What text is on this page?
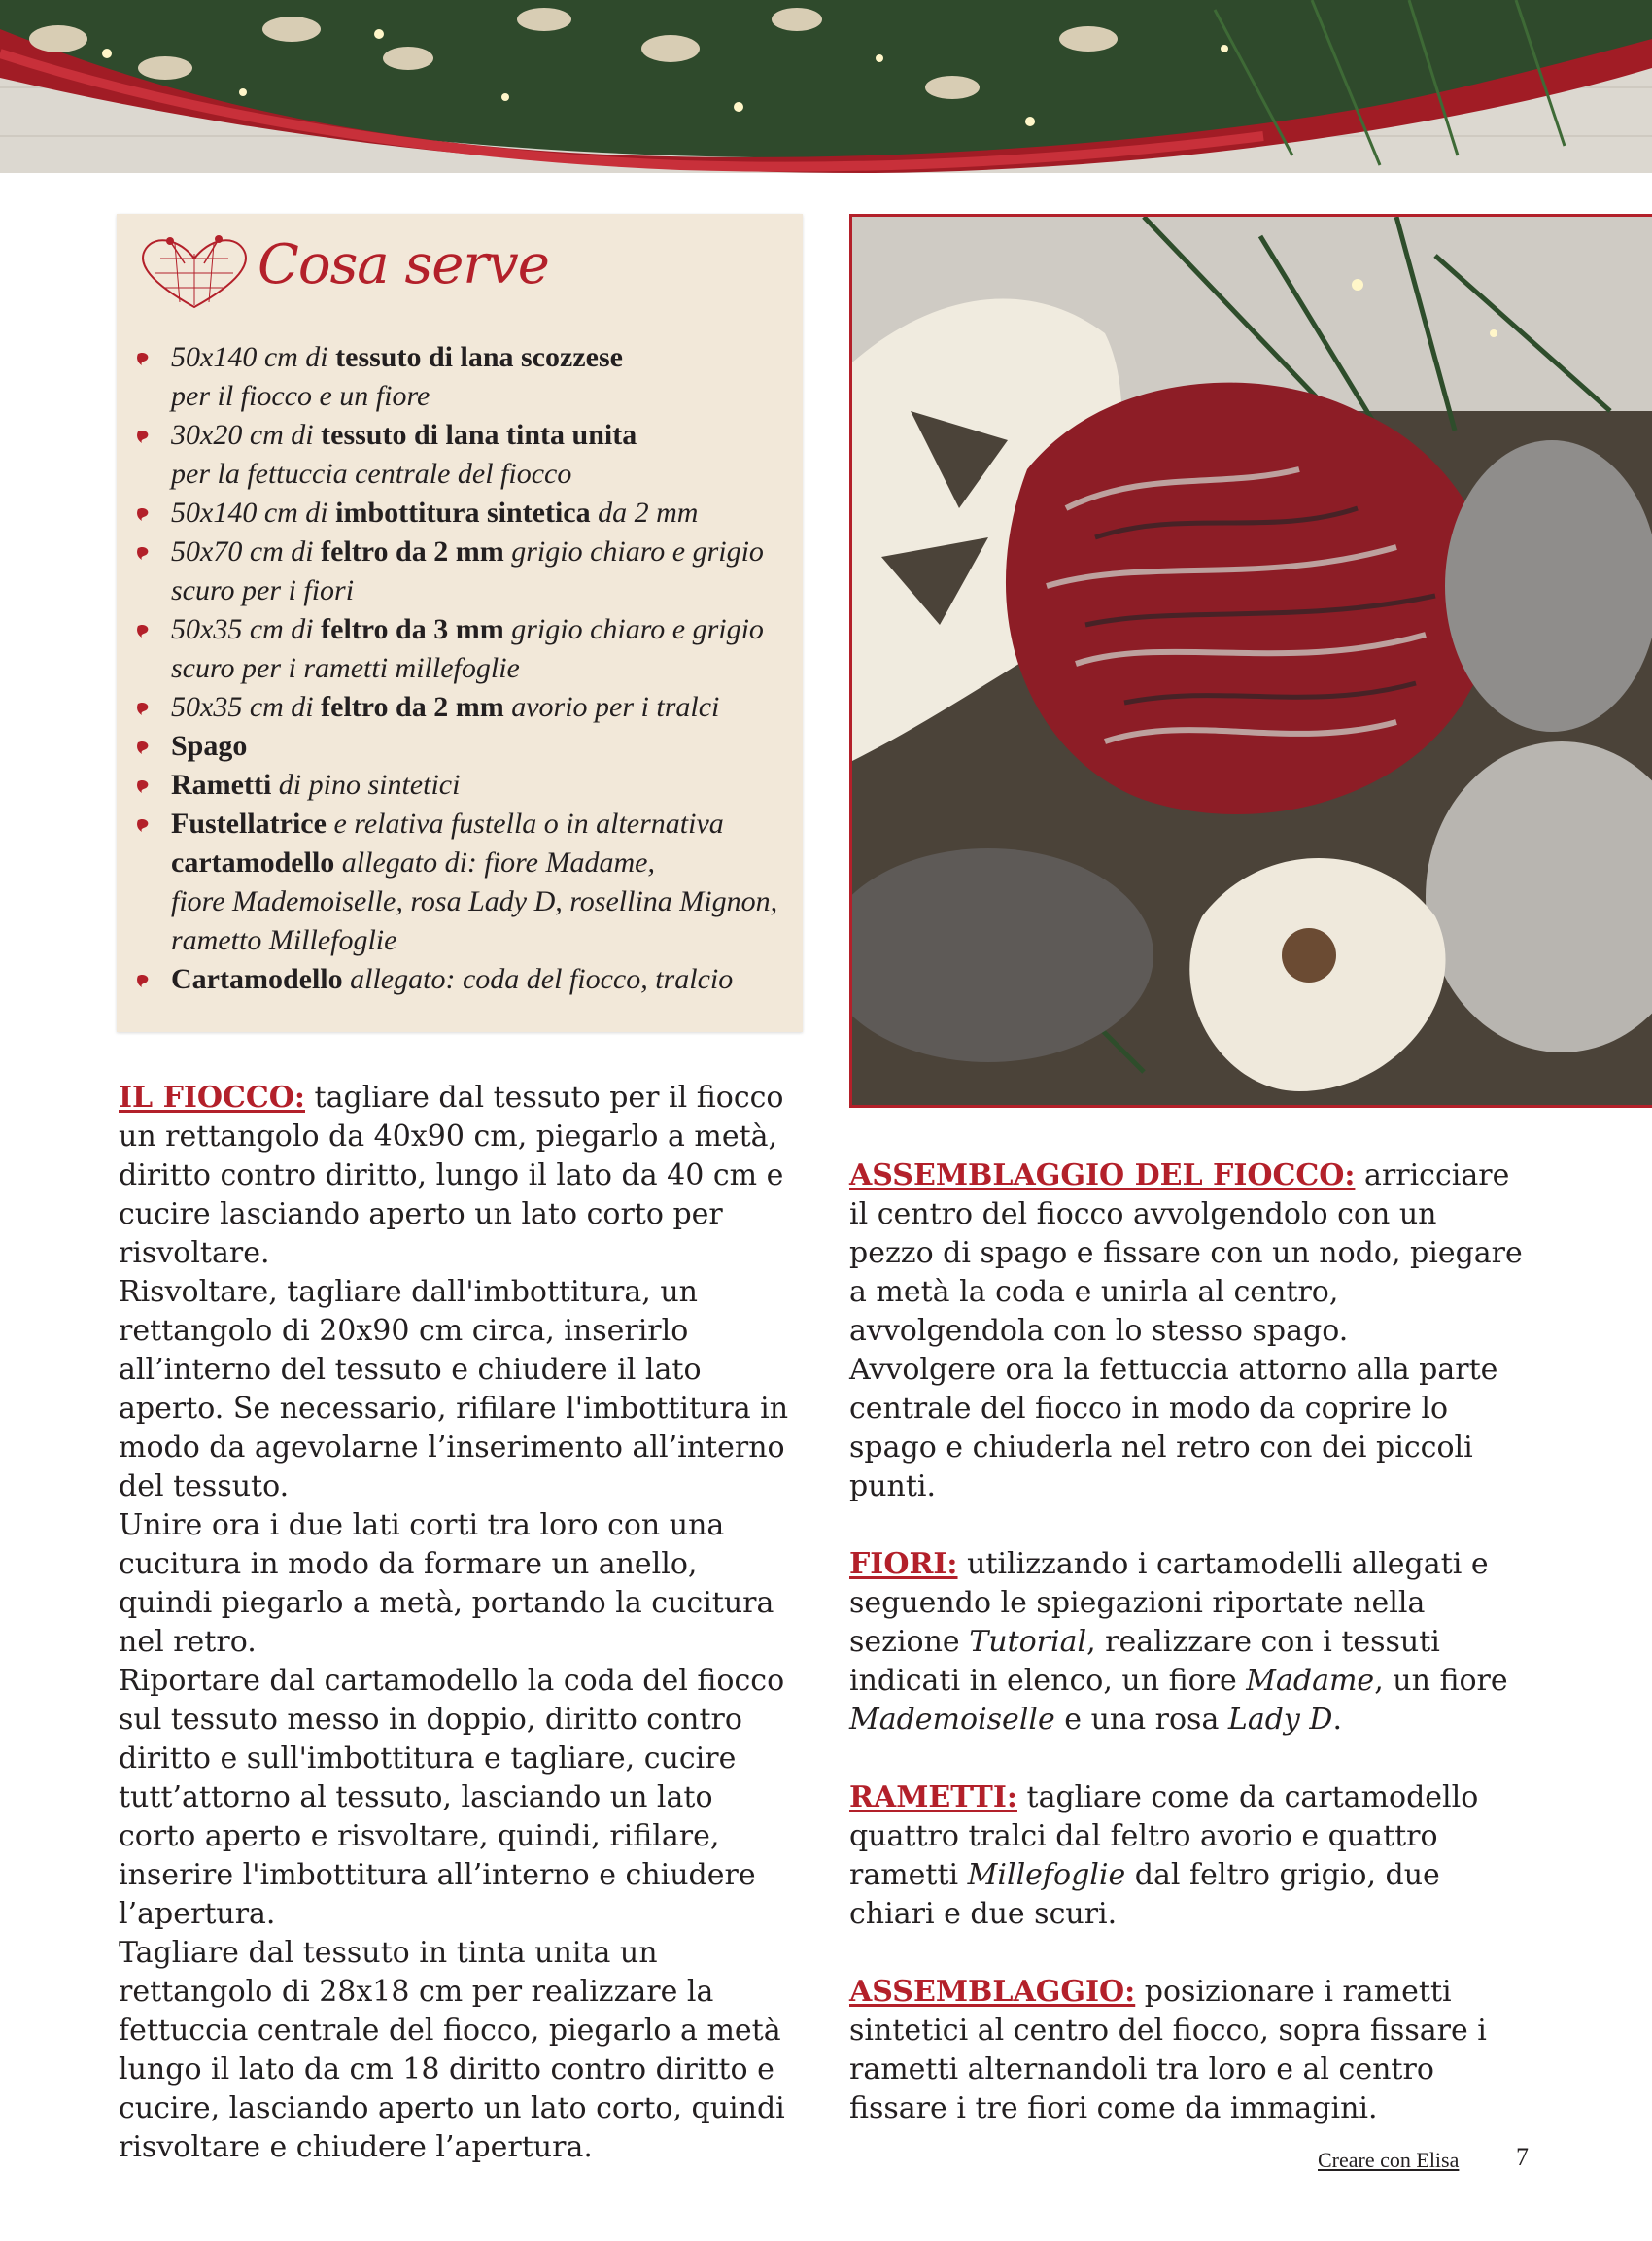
Cosa serve
50x140 cm di tessuto di lana scozzese
per il fiocco e un fiore
30x20 cm di tessuto di lana tinta unita
per la fettuccia centrale del fiocco
50x140 cm di imbottitura sintetica da 2 mm
50x70 cm di feltro da 2 mm grigio chiaro e grigio
scuro per i fiori
50x35 cm di feltro da 3 mm grigio chiaro e grigio
scuro per i rametti millefoglie
50x35 cm di feltro da 2 mm avorio per i tralci
Spago
Rametti di pino sintetici
Fustellatrice e relativa fustella o in alternativa
cartamodello allegato di: fiore Madame,
fiore Mademoiselle, rosa Lady D, rosellina Mignon,
rametto Millefoglie
Cartamodello allegato: coda del fiocco, tralcio

IL FIOCCO: tagliare dal tessuto per il fiocco un rettangolo da 40x90 cm, piegarlo a metà, diritto contro diritto, lungo il lato da 40 cm e cucire lasciando aperto un lato corto per risvoltare.

Risvoltare, tagliare dall'imbottitura, un rettangolo di 20x90 cm circa, inserirlo all’interno del tessuto e chiudere il lato aperto. Se necessario, rifilare l'imbottitura in modo da agevolarne l’inserimento all’interno del tessuto.

Unire ora i due lati corti tra loro con una cucitura in modo da formare un anello, quindi piegarlo a metà, portando la cucitura nel retro.

Riportare dal cartamodello la coda del fiocco sul tessuto messo in doppio, diritto contro diritto e sull'imbottitura e tagliare, cucire tutt’attorno al tessuto, lasciando un lato corto aperto e risvoltare, quindi, rifilare, inserire l'imbottitura all’interno e chiudere l’apertura.

Tagliare dal tessuto in tinta unita un rettangolo di 28x18 cm per realizzare la fettuccia centrale del fiocco, piegarlo a metà lungo il lato da cm 18 diritto contro diritto e cucire, lasciando aperto un lato corto, quindi risvoltare e chiudere l’apertura.

ASSEMBLAGGIO DEL FIOCCO: arricciare il centro del fiocco avvolgendolo con un pezzo di spago e fissare con un nodo, piegare a metà la coda e unirla al centro, avvolgendola con lo stesso spago.

Avvolgere ora la fettuccia attorno alla parte centrale del fiocco in modo da coprire lo spago e chiuderla nel retro con dei piccoli punti.

FIORI: utilizzando i cartamodelli allegati e seguendo le spiegazioni riportate nella sezione Tutorial, realizzare con i tessuti indicati in elenco, un fiore Madame, un fiore Mademoiselle e una rosa Lady D.

RAMETTI: tagliare come da cartamodello quattro tralci dal feltro avorio e quattro rametti Millefoglie dal feltro grigio, due chiari e due scuri.

ASSEMBLAGGIO: posizionare i rametti sintetici al centro del fiocco, sopra fissare i rametti alternandoli tra loro e al centro fissare i tre fiori come da immagini.

Creare con Elisa 7
